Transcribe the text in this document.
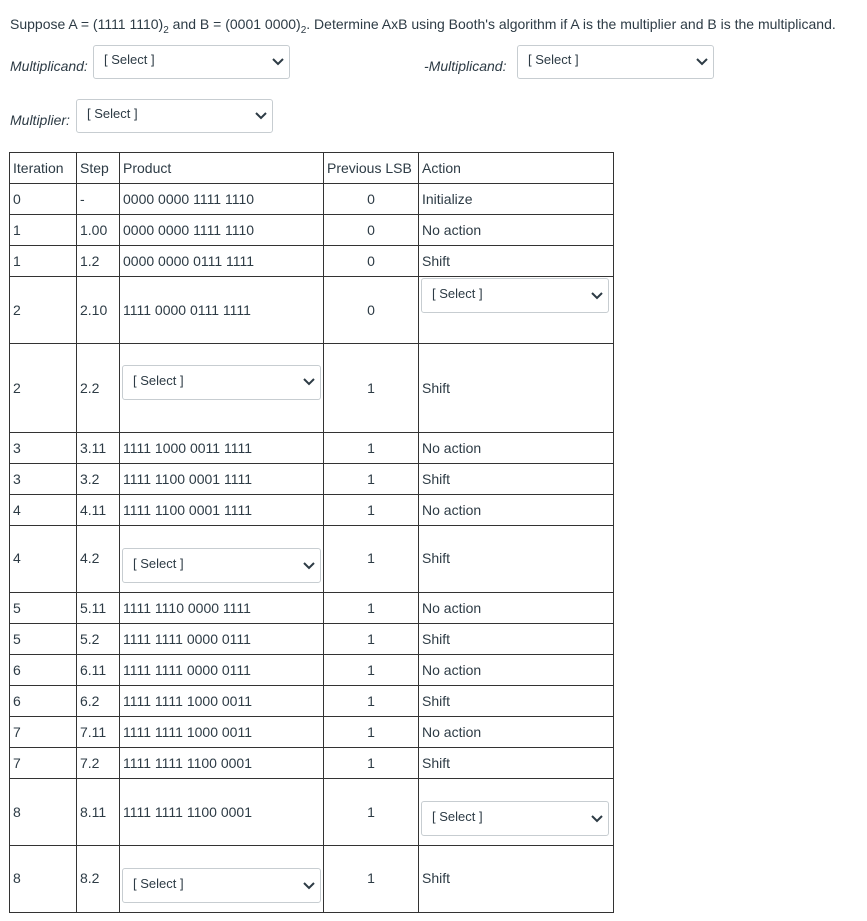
Suppose A = (1111 $1110)_2$ and B = (0001 $0000)_2$. Determine AxB using Booth's algorithm if A is the multiplier and B is the multiplicand.
Multiplicand: [ Select ]	-Multiplicand: [ Select ]
Multiplier: [ Select ]
Iteration	Step	Product	Previous LSB	Action
0	-	0000 0000 1111 1110	0	Initialize
1	1.00	0000 0000 1111 1110	0	No action
1	1.2	0000 0000 0111 1111	0	Shift
2	2.10	1111 0000 0111 1111	0	[ Select ]

2	2.2	[ Select ]	1	Shift
3	3.11	1111 1000 0011 1111	1	No action
3	3.2	1111 1100 0001 1111	1	Shift
4	4.11	1111 1100 0001 1111	1	No action
4	4.2	[ Select ]	1	Shift
5	5.11	1111 1110 0000 1111	1	No action
5	5.2	1111 1111 0000 0111	1	Shift
6	6.11	1111 1111 0000 0111	1	No action
6	6.2	1111 1111 1000 0011	1	Shift
7	7.11	1111 1111 1000 0011	1	No action
7	7.2	1111 1111 1100 0001	1	Shift
8	8.11	1111 1111 1100 0001	1	[ Select ]

8	8.2	[ Select ]	1	Shift
